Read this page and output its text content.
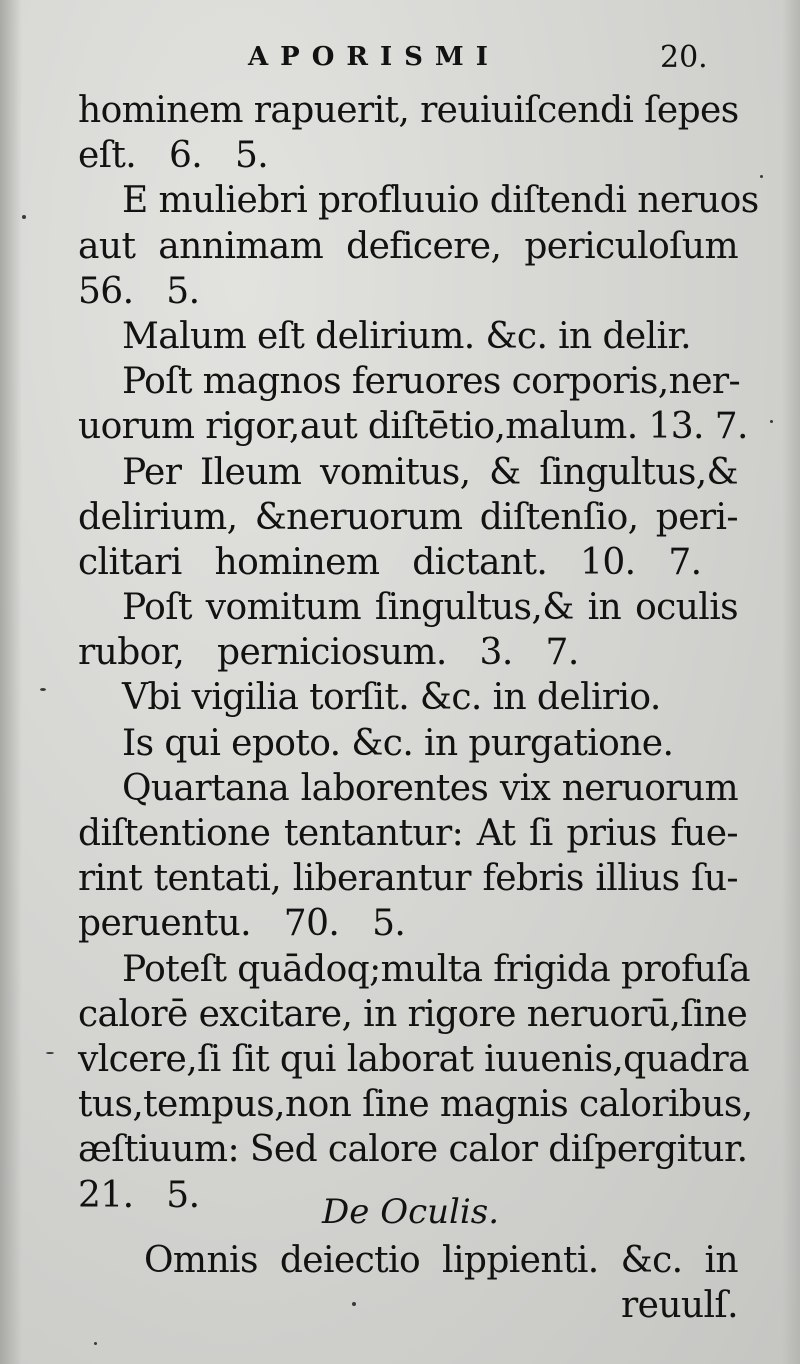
APORISMI	20.
hominem rapuerit, reuiuiſcendi ſepes
eſt. 6. 5.
E muliebri profluuio diſtendi neruos
aut annimam deficere, periculoſum
56. 5.
Malum eſt delirium. &c. in delir.
Poſt magnos feruores corporis,ner-
uorum rigor,aut diſtētio,malum. 13. 7.
Per Ileum vomitus, & ſingultus,&
delirium, &neruorum diſtenſio, peri-
clitari hominem dictant. 10. 7.
Poſt vomitum ſingultus,& in oculis
rubor, perniciosum. 3. 7.
Vbi vigilia torſit. &c. in delirio.
Is qui epoto. &c. in purgatione.
Quartana laborentes vix neruorum
diſtentione tentantur: At ſi prius fue-
rint tentati, liberantur febris illius ſu-
peruentu. 70. 5.
Poteſt quādoq;multa frigida profuſa
calorē excitare, in rigore neruorū,ſine
vlcere,ſi ſit qui laborat iuuenis,quadra
tus,tempus,non ſine magnis caloribus,
æſtiuum: Sed calore calor diſpergitur.
21. 5.	De Oculis.
Omnis deiectio lippienti. &c. in
reuulſ.
